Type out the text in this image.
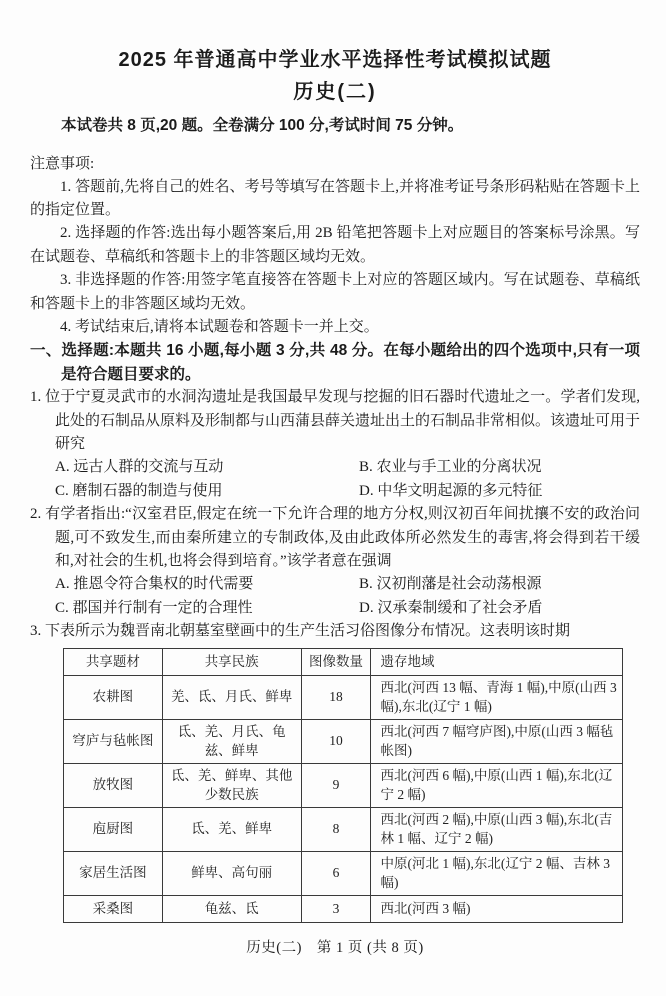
2025 年普通高中学业水平选择性考试模拟试题
历史(二)

本试卷共 8 页,20 题。全卷满分 100 分,考试时间 75 分钟。

注意事项:

1. 答题前,先将自己的姓名、考号等填写在答题卡上,并将准考证号条形码粘贴在答题卡上的指定位置。

2. 选择题的作答:选出每小题答案后,用 2B 铅笔把答题卡上对应题目的答案标号涂黑。写在试题卷、草稿纸和答题卡上的非答题区域均无效。

3. 非选择题的作答:用签字笔直接答在答题卡上对应的答题区域内。写在试题卷、草稿纸和答题卡上的非答题区域均无效。

4. 考试结束后,请将本试题卷和答题卡一并上交。

一、选择题:本题共 16 小题,每小题 3 分,共 48 分。在每小题给出的四个选项中,只有一项是符合题目要求的。

1. 位于宁夏灵武市的水洞沟遗址是我国最早发现与挖掘的旧石器时代遗址之一。学者们发现,此处的石制品从原料及形制都与山西蒲县薛关遗址出土的石制品非常相似。该遗址可用于研究

A. 远古人群的交流与互动	B. 农业与手工业的分离状况
C. 磨制石器的制造与使用	D. 中华文明起源的多元特征

2. 有学者指出:“汉室君臣,假定在统一下允许合理的地方分权,则汉初百年间扰攘不安的政治问题,可不致发生,而由秦所建立的专制政体,及由此政体所必然发生的毒害,将会得到若干缓和,对社会的生机,也将会得到培育。”该学者意在强调

A. 推恩令符合集权的时代需要	B. 汉初削藩是社会动荡根源
C. 郡国并行制有一定的合理性	D. 汉承秦制缓和了社会矛盾

3. 下表所示为魏晋南北朝墓室壁画中的生产生活习俗图像分布情况。这表明该时期

共享题材	共享民族	图像数量	遗存地域
农耕图	羌、氐、月氏、鲜卑	18	西北(河西 13 幅、青海 1 幅),中原(山西 3 幅),东北(辽宁 1 幅)
穹庐与毡帐图	氐、羌、月氏、龟兹、鲜卑	10	西北(河西 7 幅穹庐图),中原(山西 3 幅毡帐图)
放牧图	氐、羌、鲜卑、其他少数民族	9	西北(河西 6 幅),中原(山西 1 幅),东北(辽宁 2 幅)
庖厨图	氐、羌、鲜卑	8	西北(河西 2 幅),中原(山西 3 幅),东北(吉林 1 幅、辽宁 2 幅)
家居生活图	鲜卑、高句丽	6	中原(河北 1 幅),东北(辽宁 2 幅、吉林 3 幅)
采桑图	龟兹、氐	3	西北(河西 3 幅)
历史(二)　第 1 页 (共 8 页)
